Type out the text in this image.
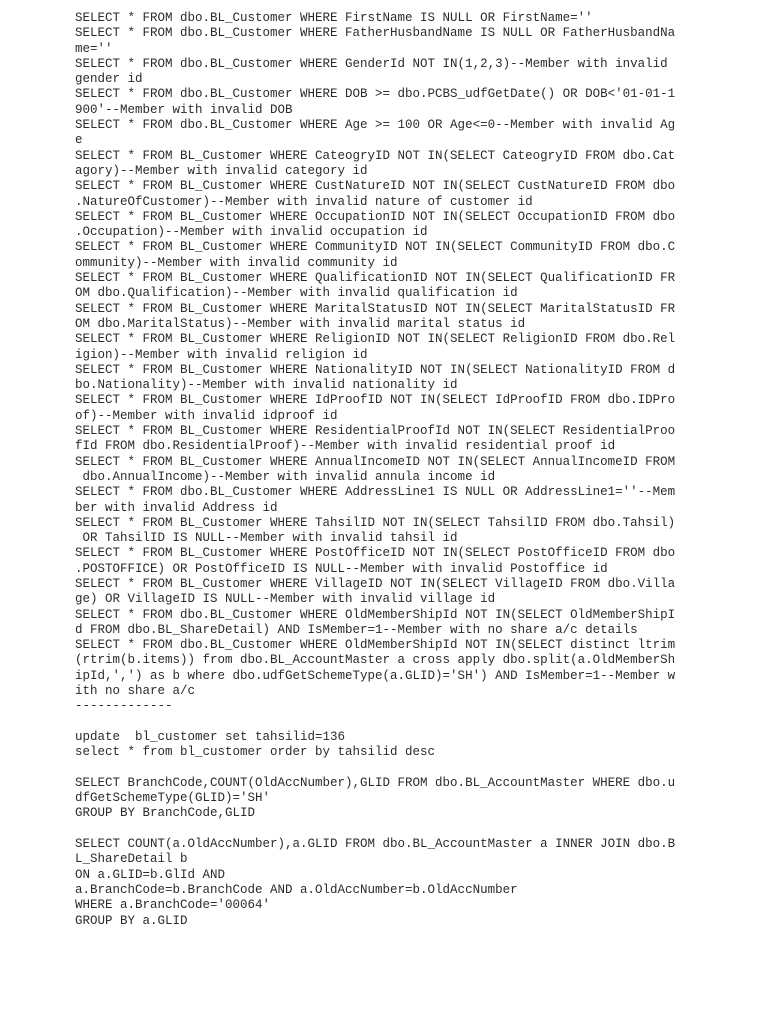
SELECT * FROM dbo.BL_Customer WHERE FirstName IS NULL OR FirstName=''
SELECT * FROM dbo.BL_Customer WHERE FatherHusbandName IS NULL OR FatherHusbandNa
me=''
SELECT * FROM dbo.BL_Customer WHERE GenderId NOT IN(1,2,3)--Member with invalid
gender id
SELECT * FROM dbo.BL_Customer WHERE DOB >= dbo.PCBS_udfGetDate() OR DOB<'01-01-1
900'--Member with invalid DOB
SELECT * FROM dbo.BL_Customer WHERE Age >= 100 OR Age<=0--Member with invalid Ag
e
SELECT * FROM BL_Customer WHERE CateogryID NOT IN(SELECT CateogryID FROM dbo.Cat
agory)--Member with invalid category id
SELECT * FROM BL_Customer WHERE CustNatureID NOT IN(SELECT CustNatureID FROM dbo
.NatureOfCustomer)--Member with invalid nature of customer id
SELECT * FROM BL_Customer WHERE OccupationID NOT IN(SELECT OccupationID FROM dbo
.Occupation)--Member with invalid occupation id
SELECT * FROM BL_Customer WHERE CommunityID NOT IN(SELECT CommunityID FROM dbo.C
ommunity)--Member with invalid community id
SELECT * FROM BL_Customer WHERE QualificationID NOT IN(SELECT QualificationID FR
OM dbo.Qualification)--Member with invalid qualification id
SELECT * FROM BL_Customer WHERE MaritalStatusID NOT IN(SELECT MaritalStatusID FR
OM dbo.MaritalStatus)--Member with invalid marital status id
SELECT * FROM BL_Customer WHERE ReligionID NOT IN(SELECT ReligionID FROM dbo.Rel
igion)--Member with invalid religion id
SELECT * FROM BL_Customer WHERE NationalityID NOT IN(SELECT NationalityID FROM d
bo.Nationality)--Member with invalid nationality id
SELECT * FROM BL_Customer WHERE IdProofID NOT IN(SELECT IdProofID FROM dbo.IDPro
of)--Member with invalid idproof id
SELECT * FROM BL_Customer WHERE ResidentialProofId NOT IN(SELECT ResidentialProo
fId FROM dbo.ResidentialProof)--Member with invalid residential proof id
SELECT * FROM BL_Customer WHERE AnnualIncomeID NOT IN(SELECT AnnualIncomeID FROM
dbo.AnnualIncome)--Member with invalid annula income id
SELECT * FROM dbo.BL_Customer WHERE AddressLine1 IS NULL OR AddressLine1=''--Mem
ber with invalid Address id
SELECT * FROM BL_Customer WHERE TahsilID NOT IN(SELECT TahsilID FROM dbo.Tahsil)
OR TahsilID IS NULL--Member with invalid tahsil id
SELECT * FROM BL_Customer WHERE PostOfficeID NOT IN(SELECT PostOfficeID FROM dbo
.POSTOFFICE) OR PostOfficeID IS NULL--Member with invalid Postoffice id
SELECT * FROM BL_Customer WHERE VillageID NOT IN(SELECT VillageID FROM dbo.Villa
ge) OR VillageID IS NULL--Member with invalid village id
SELECT * FROM dbo.BL_Customer WHERE OldMemberShipId NOT IN(SELECT OldMemberShipI
d FROM dbo.BL_ShareDetail) AND IsMember=1--Member with no share a/c details
SELECT * FROM dbo.BL_Customer WHERE OldMemberShipId NOT IN(SELECT distinct ltrim
(rtrim(b.items)) from dbo.BL_AccountMaster a cross apply dbo.split(a.OldMemberSh
ipId,',') as b where dbo.udfGetSchemeType(a.GLID)='SH') AND IsMember=1--Member w
ith no share a/c
-------------
update  bl_customer set tahsilid=136
select * from bl_customer order by tahsilid desc
SELECT BranchCode,COUNT(OldAccNumber),GLID FROM dbo.BL_AccountMaster WHERE dbo.u
dfGetSchemeType(GLID)='SH'
GROUP BY BranchCode,GLID
SELECT COUNT(a.OldAccNumber),a.GLID FROM dbo.BL_AccountMaster a INNER JOIN dbo.B
L_ShareDetail b
ON a.GLID=b.GlId AND
a.BranchCode=b.BranchCode AND a.OldAccNumber=b.OldAccNumber
WHERE a.BranchCode='00064'
GROUP BY a.GLID
